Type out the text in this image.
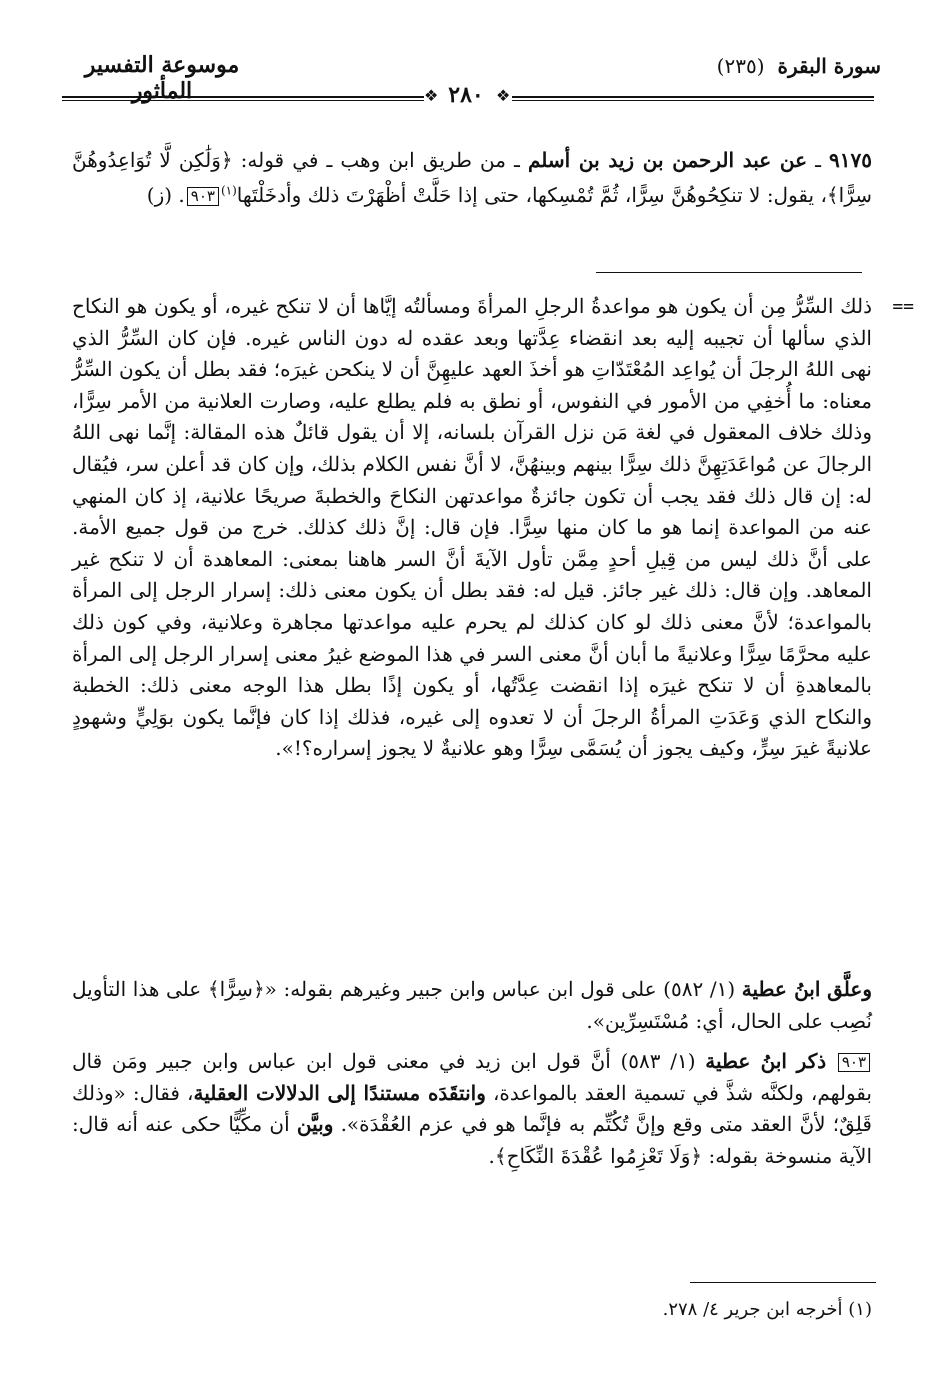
موسوعة التفسير المأثور
سورة البقرة (٢٣٥)
❖	❖
٢٨٠
٩١٧٥ ـ عن عبد الرحمن بن زيد بن أسلم ـ من طريق ابن وهب ـ في قوله: ﴿وَلَٰكِن لَّا تُوَاعِدُوهُنَّ سِرًّا﴾، يقول: لا تنكِحُوهُنَّ سِرًّا، ثُمَّ تُمْسِكها، حتى إذا حَلَّتْ أظْهَرْتَ ذلك وأدخَلْتَها$^{(١)}$٩٠٣. (ز)
==
ذلك السِّرُّ مِن أن يكون هو مواعدةُ الرجلِ المرأةَ ومسألتُه إيَّاها أن لا تنكح غيره، أو يكون هو النكاح الذي سألها أن تجيبه إليه بعد انقضاء عِدَّتها وبعد عقده له دون الناس غيره. فإن كان السِّرُّ الذي نهى اللهُ الرجلَ أن يُواعِد المُعْتَدّاتِ هو أخذَ العهد عليهِنَّ أن لا ينكحن غيرَه؛ فقد بطل أن يكون السِّرُّ معناه: ما أُخفِي من الأمور في النفوس، أو نطق به فلم يطلع عليه، وصارت العلانية من الأمر سِرًّا، وذلك خلاف المعقول في لغة مَن نزل القرآن بلسانه، إلا أن يقول قائلٌ هذه المقالة: إنَّما نهى اللهُ الرجالَ عن مُواعَدَتِهِنَّ ذلك سِرًّا بينهم وبينهُنَّ، لا أنَّ نفس الكلام بذلك، وإن كان قد أعلن سر، فيُقال له: إن قال ذلك فقد يجب أن تكون جائزةٌ مواعدتهن النكاحَ والخطبةَ صريحًا علانية، إذ كان المنهي عنه من المواعدة إنما هو ما كان منها سِرًّا. فإن قال: إنَّ ذلك كذلك. خرج من قول جميع الأمة. على أنَّ ذلك ليس من قِيلِ أحدٍ مِمَّن تأول الآيةَ أنَّ السر هاهنا بمعنى: المعاهدة أن لا تنكح غير المعاهد. وإن قال: ذلك غير جائز. قيل له: فقد بطل أن يكون معنى ذلك: إسرار الرجل إلى المرأة بالمواعدة؛ لأنَّ معنى ذلك لو كان كذلك لم يحرم عليه مواعدتها مجاهرة وعلانية، وفي كون ذلك عليه محرَّمًا سِرًّا وعلانيةً ما أبان أنَّ معنى السر في هذا الموضع غيرُ معنى إسرار الرجل إلى المرأة بالمعاهدةِ أن لا تنكح غيرَه إذا انقضت عِدَّتُها، أو يكون إذًا بطل هذا الوجه معنى ذلك: الخطبة والنكاح الذي وَعَدَتِ المرأةُ الرجلَ أن لا تعدوه إلى غيره، فذلك إذا كان فإنَّما يكون بوَلِيٍّ وشهودٍ علانيةً غيرَ سِرٍّ، وكيف يجوز أن يُسَمَّى سِرًّا وهو علانيةٌ لا يجوز إسراره؟!».
وعلَّق ابنُ عطية (١/ ٥٨٢) على قول ابن عباس وابن جبير وغيرهم بقوله: «﴿سِرًّا﴾ على هذا التأويل نُصِب على الحال، أي: مُسْتَسِرِّين».
٩٠٣ ذكر ابنُ عطية (١/ ٥٨٣) أنَّ قول ابن زيد في معنى قول ابن عباس وابن جبير ومَن قال بقولهم، ولكنَّه شذَّ في تسمية العقد بالمواعدة، وانتقَدَه مستندًا إلى الدلالات العقلية، فقال: «وذلك قَلِقٌ؛ لأنَّ العقد متى وقع وإنَّ تُكُتِّم به فإنَّما هو في عزم العُقْدَة». وبيَّن أن مكِّيًّا حكى عنه أنه قال: الآية منسوخة بقوله: ﴿وَلَا تَعْزِمُوا عُقْدَةَ النِّكَاحِ﴾.
(١) أخرجه ابن جرير ٤/ ٢٧٨.
